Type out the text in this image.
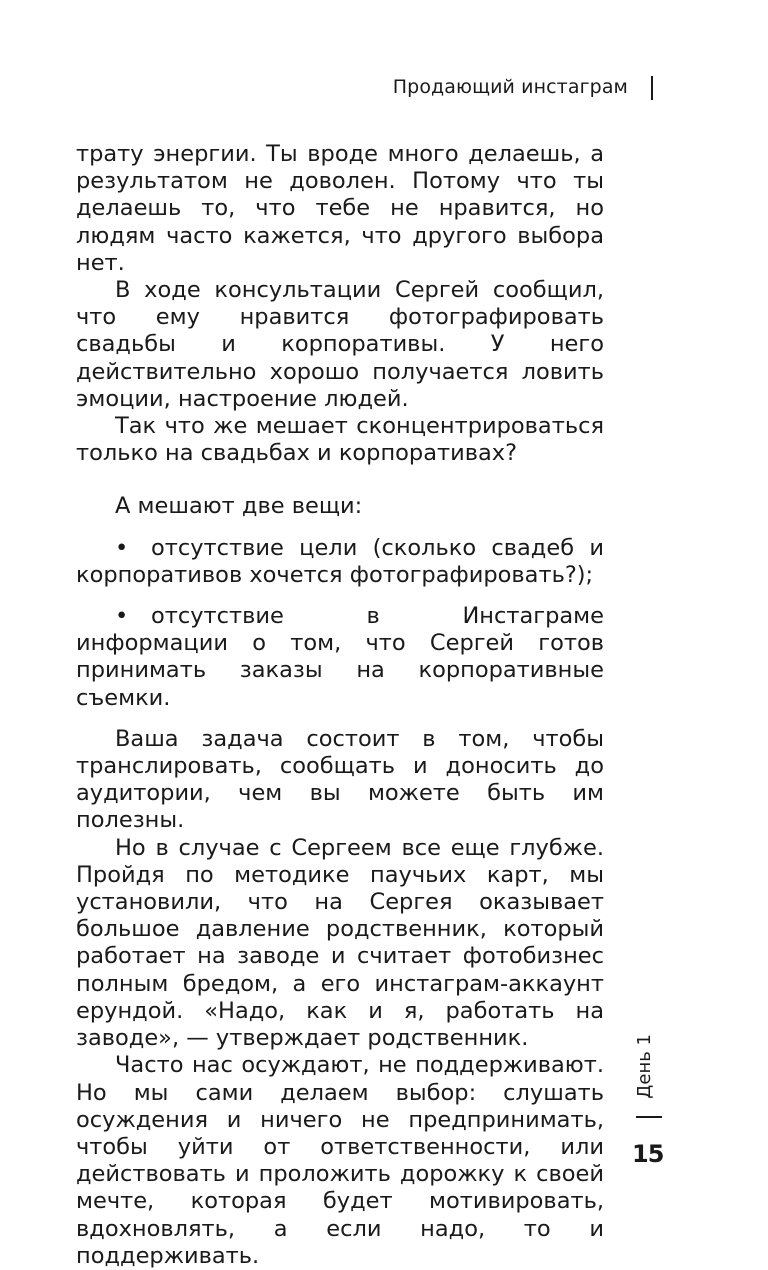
Продающий инстаграм

трату энергии. Ты вроде много делаешь, а результатом не доволен. Потому что ты делаешь то, что тебе не нравится, но людям часто кажется, что другого выбора нет.

В ходе консультации Сергей сообщил, что ему нравится фотографировать свадьбы и корпоративы. У него действительно хорошо получается ловить эмоции, настроение людей.

Так что же мешает сконцентрироваться только на свадьбах и корпоративах?

А мешают две вещи:

• отсутствие цели (сколько свадеб и корпоративов хочется фотографировать?);

• отсутствие в Инстаграме информации о том, что Сергей готов принимать заказы на корпоративные съемки.

Ваша задача состоит в том, чтобы транслировать, сообщать и доносить до аудитории, чем вы можете быть им полезны.

Но в случае с Сергеем все еще глубже. Пройдя по методике паучьих карт, мы установили, что на Сергея оказывает большое давление родственник, который работает на заводе и считает фотобизнес полным бредом, а его инстаграм-аккаунт ерундой. «Надо, как и я, работать на заводе», — утверждает родственник.

Часто нас осуждают, не поддерживают. Но мы сами делаем выбор: слушать осуждения и ничего не предпринимать, чтобы уйти от ответственности, или действовать и проложить дорожку к своей мечте, которая будет мотивировать, вдохновлять, а если надо, то и поддерживать.

День 1
15
